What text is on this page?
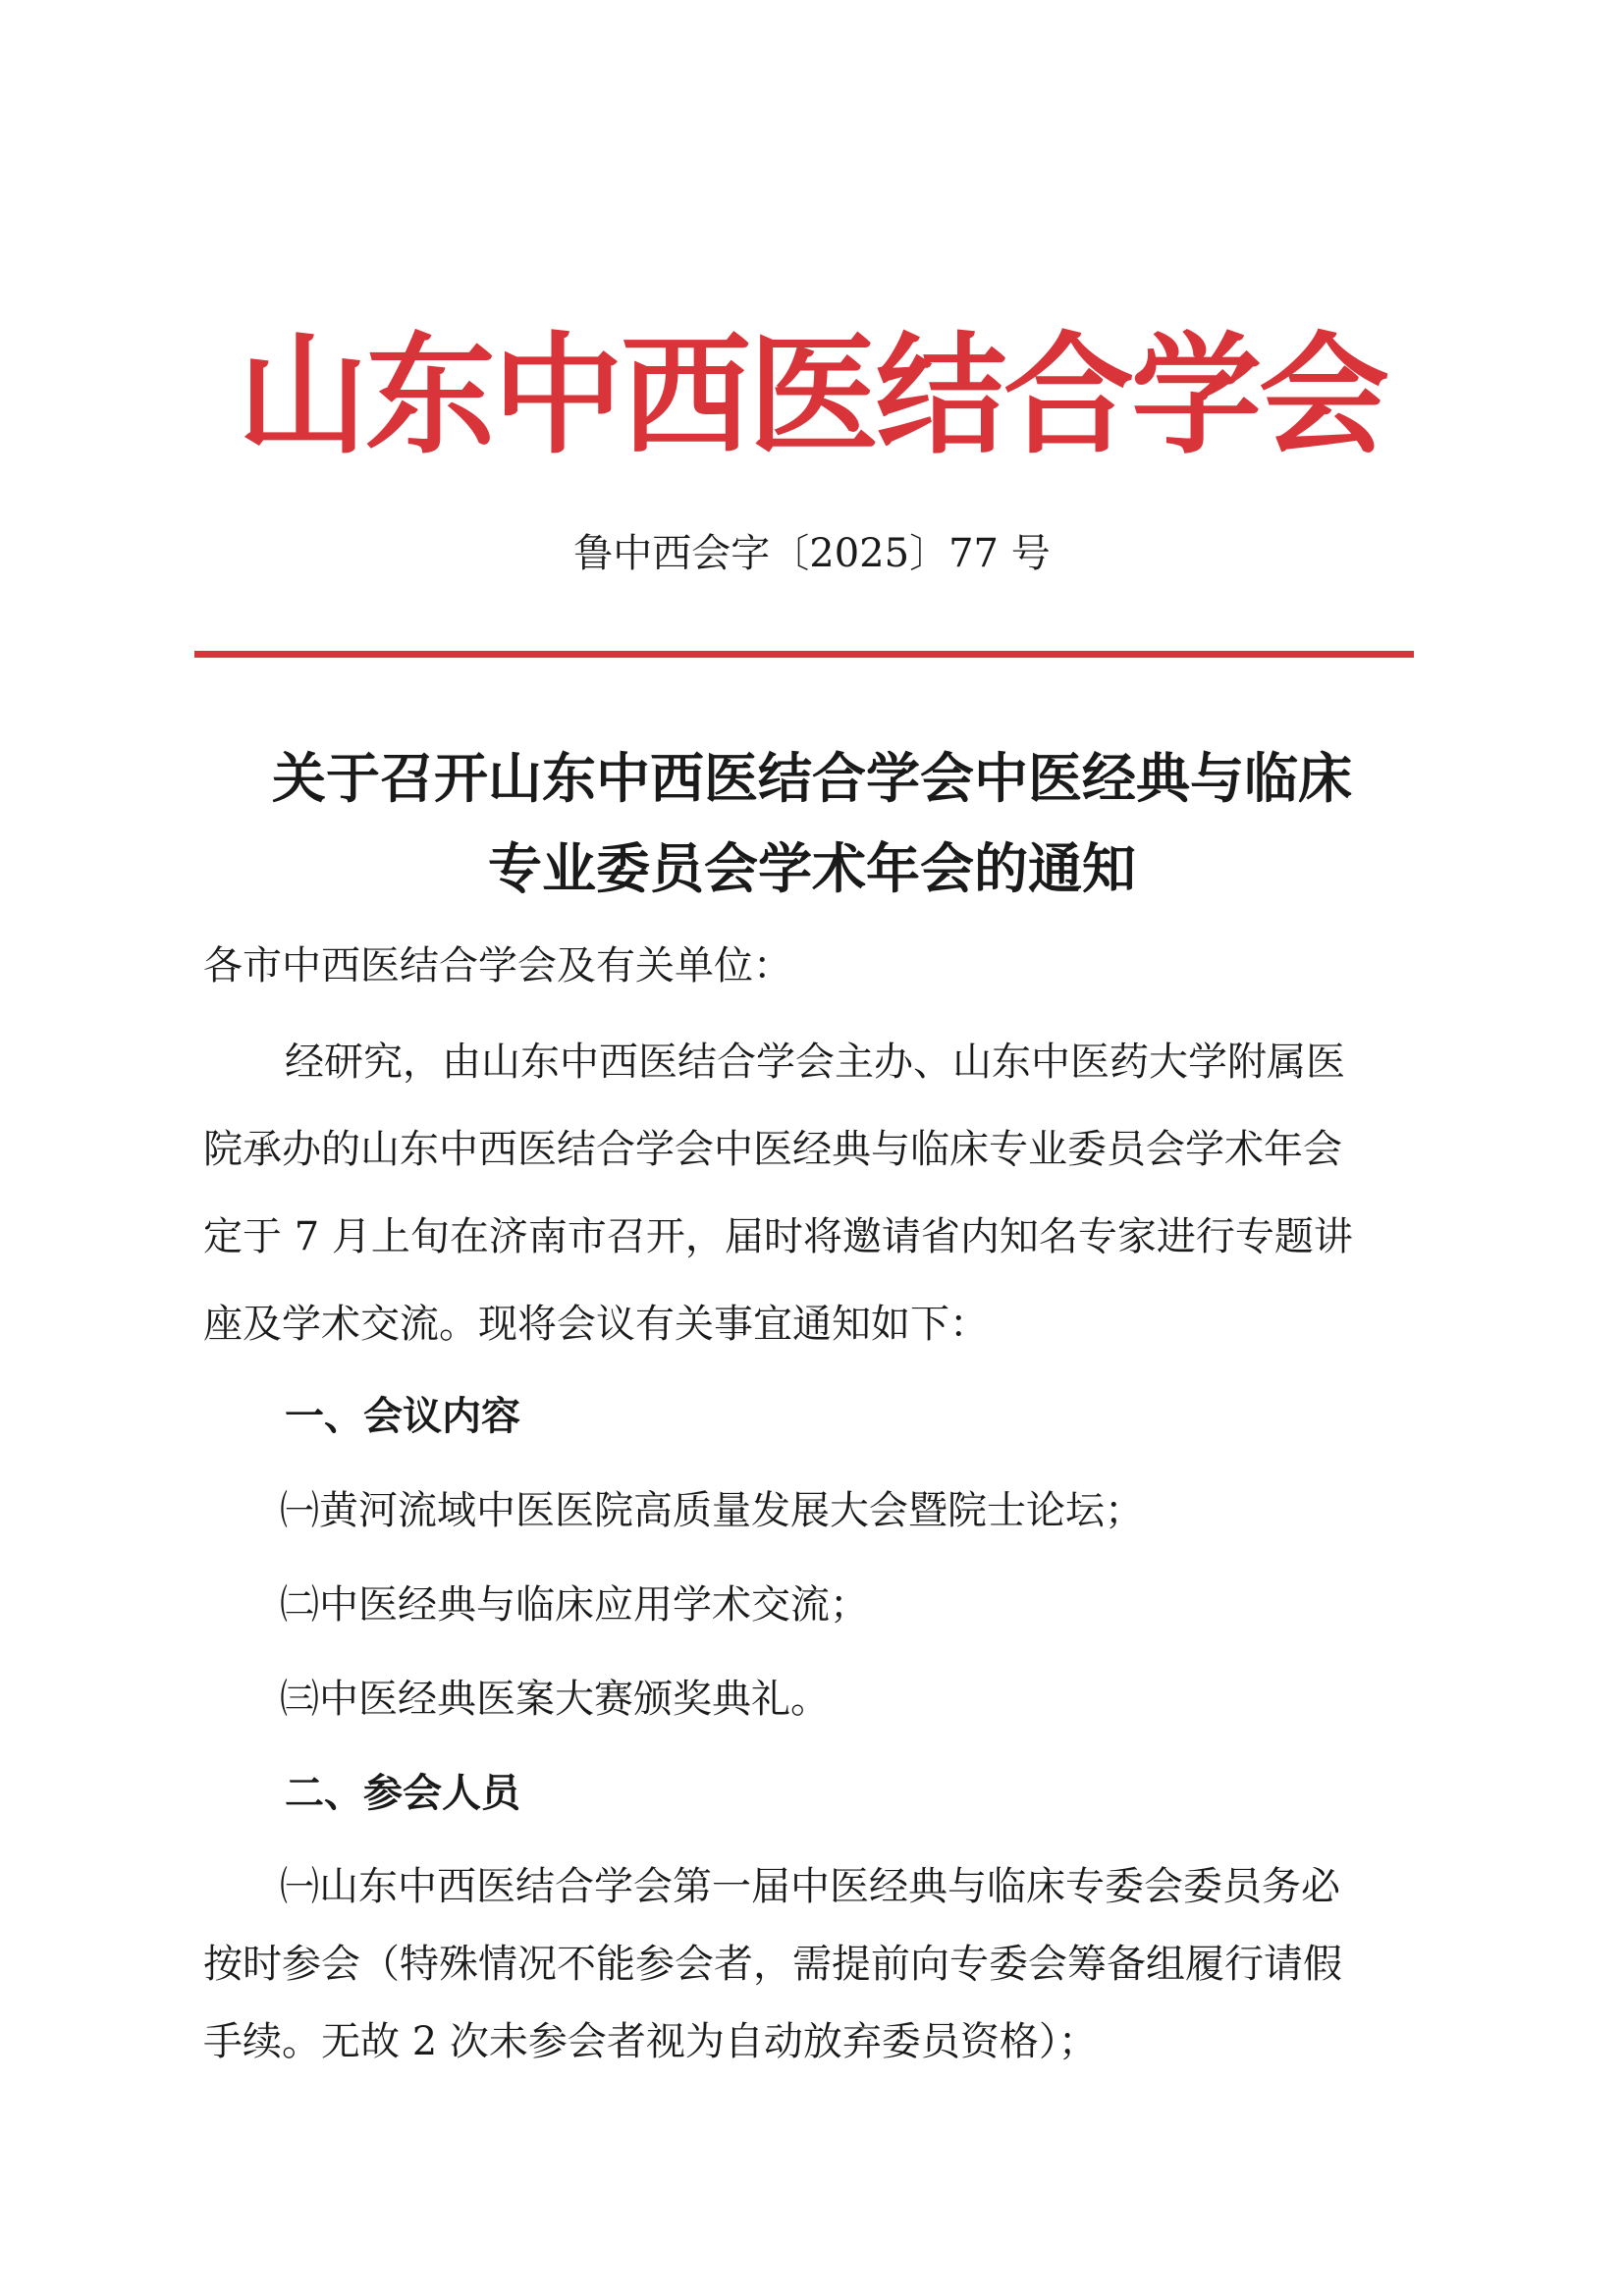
山东中西医结合学会
鲁中西会字〔2025〕77 号
关于召开山东中西医结合学会中医经典与临床
专业委员会学术年会的通知
各市中西医结合学会及有关单位：
经研究，由山东中西医结合学会主办、山东中医药大学附属医
院承办的山东中西医结合学会中医经典与临床专业委员会学术年会
定于 7 月上旬在济南市召开，届时将邀请省内知名专家进行专题讲
座及学术交流。现将会议有关事宜通知如下：
一、会议内容
㈠黄河流域中医医院高质量发展大会暨院士论坛；
㈡中医经典与临床应用学术交流；
㈢中医经典医案大赛颁奖典礼。
二、参会人员
㈠山东中西医结合学会第一届中医经典与临床专委会委员务必
按时参会（特殊情况不能参会者，需提前向专委会筹备组履行请假
手续。无故 2 次未参会者视为自动放弃委员资格）；
